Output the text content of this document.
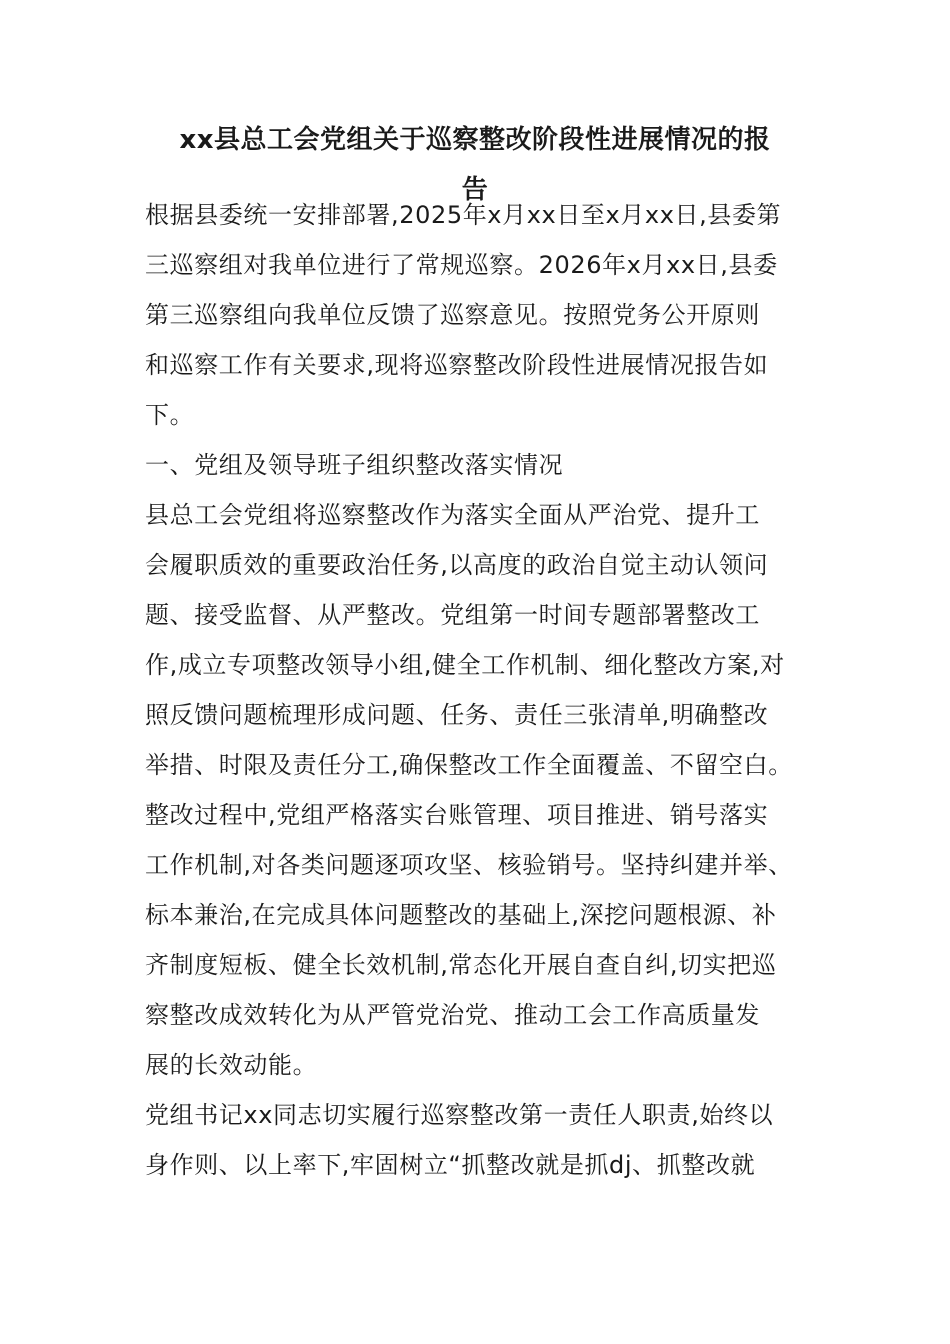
xx县总工会党组关于巡察整改阶段性进展情况的报
告
根据县委统一安排部署,2025年x月xx日至x月xx日,县委第
三巡察组对我单位进行了常规巡察。2026年x月xx日,县委
第三巡察组向我单位反馈了巡察意见。按照党务公开原则
和巡察工作有关要求,现将巡察整改阶段性进展情况报告如
下。
一、党组及领导班子组织整改落实情况
县总工会党组将巡察整改作为落实全面从严治党、提升工
会履职质效的重要政治任务,以高度的政治自觉主动认领问
题、接受监督、从严整改。党组第一时间专题部署整改工
作,成立专项整改领导小组,健全工作机制、细化整改方案,对
照反馈问题梳理形成问题、任务、责任三张清单,明确整改
举措、时限及责任分工,确保整改工作全面覆盖、不留空白。
整改过程中,党组严格落实台账管理、项目推进、销号落实
工作机制,对各类问题逐项攻坚、核验销号。坚持纠建并举、
标本兼治,在完成具体问题整改的基础上,深挖问题根源、补
齐制度短板、健全长效机制,常态化开展自查自纠,切实把巡
察整改成效转化为从严管党治党、推动工会工作高质量发
展的长效动能。
党组书记xx同志切实履行巡察整改第一责任人职责,始终以
身作则、以上率下,牢固树立“抓整改就是抓dj、抓整改就
